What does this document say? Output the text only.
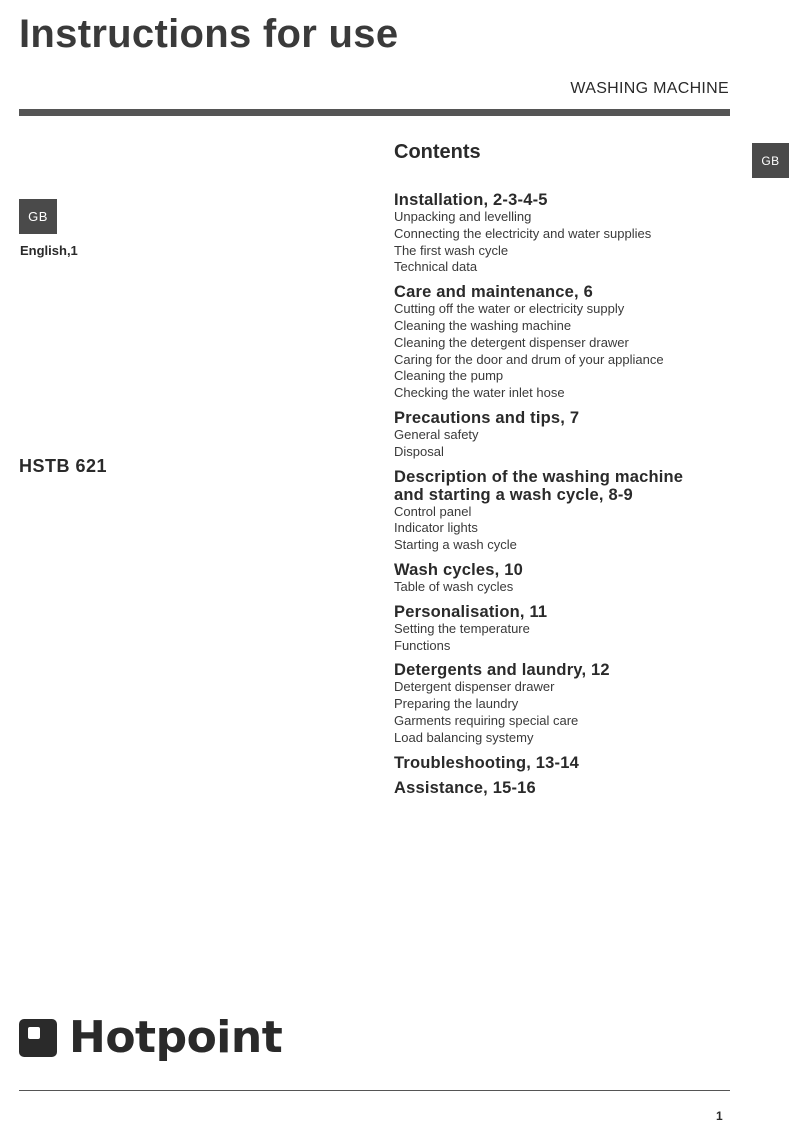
Instructions for use
WASHING MACHINE
GB
GB
English,1
HSTB 621
Contents
Installation, 2-3-4-5
Unpacking and levelling
Connecting the electricity and water supplies
The first wash cycle
Technical data
Care and maintenance, 6
Cutting off the water or electricity supply
Cleaning the washing machine
Cleaning the detergent dispenser drawer
Caring for the door and drum of your appliance
Cleaning the pump
Checking the water inlet hose
Precautions and tips, 7
General safety
Disposal
Description of the washing machine and starting a wash cycle, 8-9
Control panel
Indicator lights
Starting a wash cycle
Wash cycles, 10
Table of wash cycles
Personalisation, 11
Setting the temperature
Functions
Detergents and laundry, 12
Detergent dispenser drawer
Preparing the laundry
Garments requiring special care
Load balancing systemy
Troubleshooting, 13-14
Assistance, 15-16
Hotpoint
1
